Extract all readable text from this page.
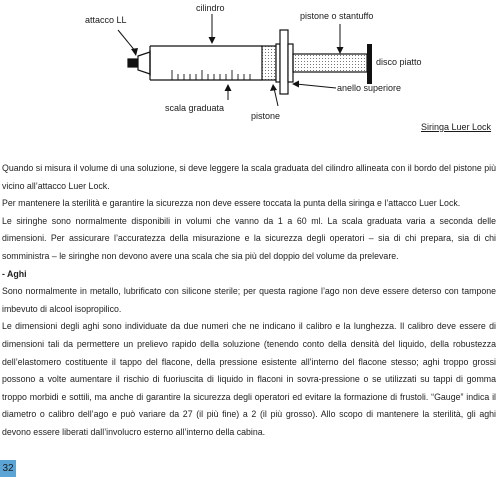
attacco LL
cilindro
pistone o stantuffo
disco piatto
anello superiore
scala graduata
pistone
Siringa Luer Lock

Quando si misura il volume di una soluzione, si deve leggere la scala graduata del cilindro allineata con il bordo del pistone più vicino all’attacco Luer Lock.

Per mantenere la sterilità e garantire la sicurezza non deve essere toccata la punta della siringa e l’attacco Luer Lock.

Le siringhe sono normalmente disponibili in volumi che vanno da 1 a 60 ml. La scala graduata varia a seconda delle dimensioni. Per assicurare l’accuratezza della misurazione e la sicurezza degli operatori – sia di chi prepara, sia di chi somministra – le siringhe non devono avere una scala che sia più del doppio del volume da prelevare.

- Aghi

Sono normalmente in metallo, lubrificato con silicone sterile; per questa ragione l’ago non deve essere deterso con tampone imbevuto di alcool isopropilico.

Le dimensioni degli aghi sono individuate da due numeri che ne indicano il calibro e la lunghezza. Il calibro deve essere di dimensioni tali da permettere un prelievo rapido della soluzione (tenendo conto della densità del liquido, della robustezza dell’elastomero costituente il tappo del flacone, della pressione esistente all’interno del flacone stesso; aghi troppo grossi possono a volte aumentare il rischio di fuoriuscita di liquido in flaconi in sovra-pressione o se utilizzati su tappi di gomma troppo morbidi e sottili, ma anche di garantire la sicurezza degli operatori ed evitare la formazione di frustoli. “Gauge” indica il diametro o calibro dell’ago e può variare da 27 (il più fine) a 2 (il più grosso). Allo scopo di mantenere la sterilità, gli aghi devono essere liberati dall’involucro esterno all’interno della cabina.

32
